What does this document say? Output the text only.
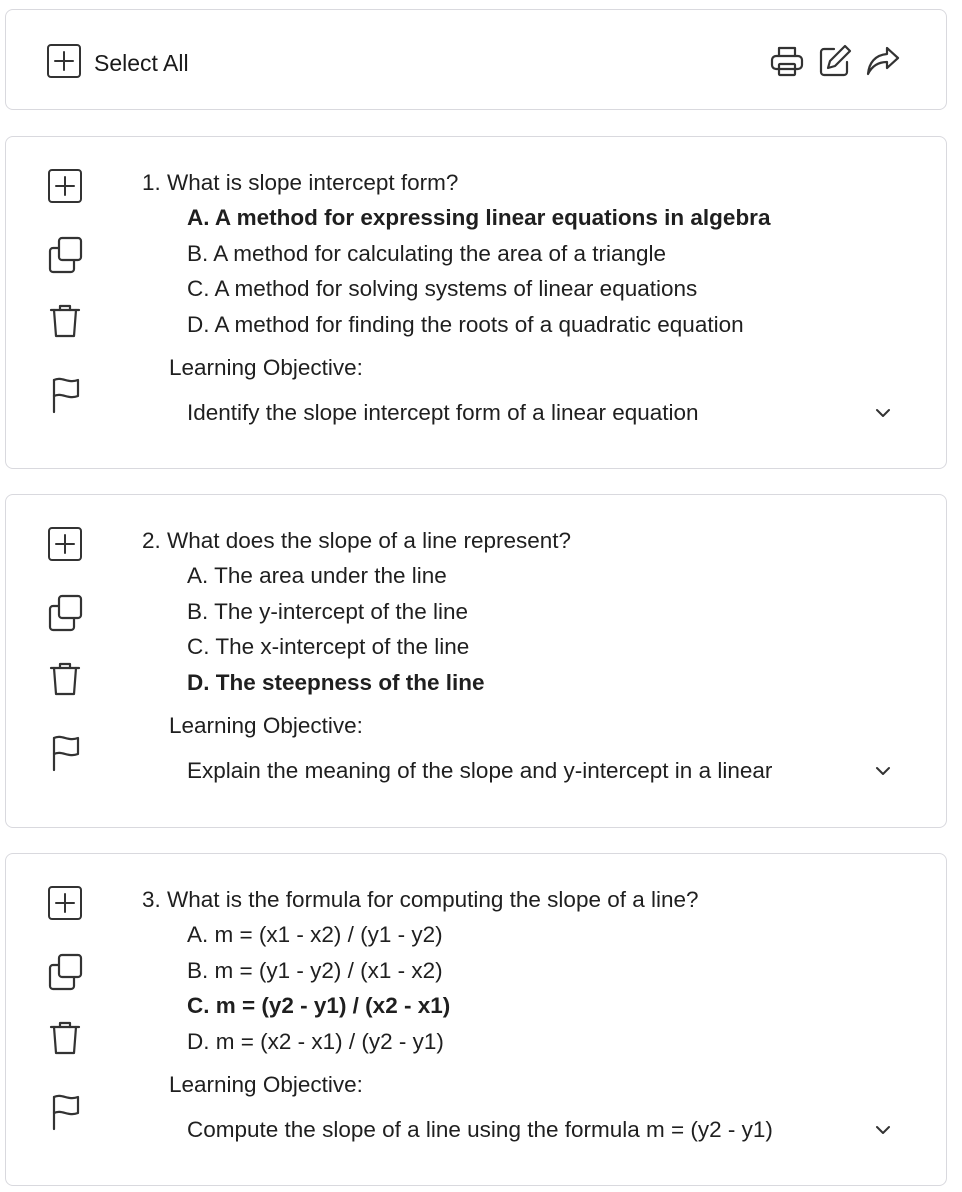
Select All
1. What is slope intercept form?
A. A method for expressing linear equations in algebra
B. A method for calculating the area of a triangle
C. A method for solving systems of linear equations
D. A method for finding the roots of a quadratic equation
Learning Objective:
Identify the slope intercept form of a linear equation
2. What does the slope of a line represent?
A. The area under the line
B. The y-intercept of the line
C. The x-intercept of the line
D. The steepness of the line
Learning Objective:
Explain the meaning of the slope and y-intercept in a linear
3. What is the formula for computing the slope of a line?
A. m = (x1 - x2) / (y1 - y2)
B. m = (y1 - y2) / (x1 - x2)
C. m = (y2 - y1) / (x2 - x1)
D. m = (x2 - x1) / (y2 - y1)
Learning Objective:
Compute the slope of a line using the formula m = (y2 - y1)
